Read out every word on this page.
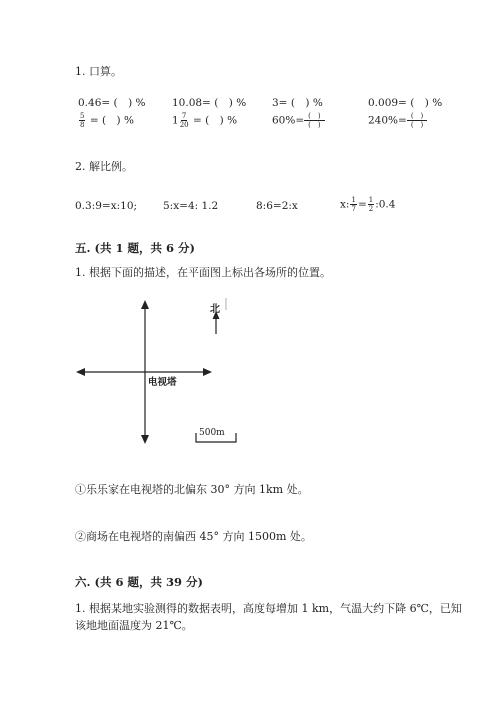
1. 口算。
0.46= (　) %	10.08= (　) % 3= (　) %	0.009= (　) %
$\frac{5}{8}$ = (　) %	$1 \frac{7}{20}$ = (　) %	$60\%= \frac{( )}{( )}$	$240\%= \frac{( )}{( )}$
2. 解比例。
0.3:9=x:10; 5:x=4: 1.2	8:6=2:x	x: $\frac{1}{7} = \frac{1}{2}$ :0.4
五. (共 1 题，共 6 分)
1. 根据下面的描述，在平面图上标出各场所的位置。
北
电视塔
500m
①乐乐家在电视塔的北偏东 30° 方向 1km 处。
②商场在电视塔的南偏西 45° 方向 1500m 处。
六. (共 6 题，共 39 分)
1. 根据某地实验测得的数据表明，高度每增加 1 km，气温大约下降 6℃，已知
该地地面温度为 21℃。
